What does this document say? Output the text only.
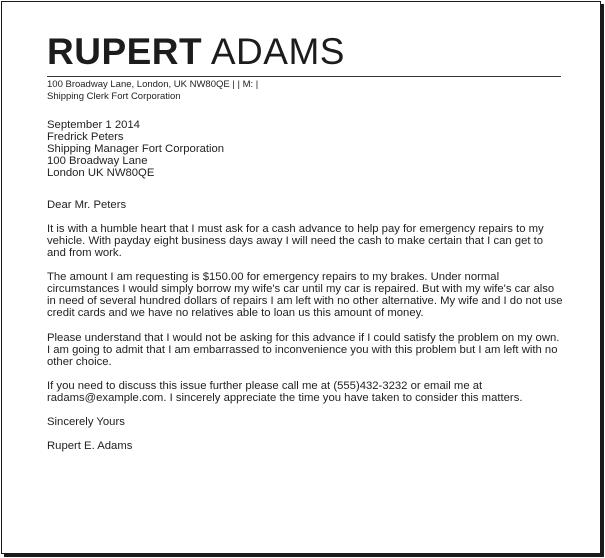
RUPERT ADAMS
100 Broadway Lane, London, UK NW80QE | | M: |
Shipping Clerk Fort Corporation
September 1 2014
Fredrick Peters
Shipping Manager Fort Corporation
100 Broadway Lane
London UK NW80QE
Dear Mr. Peters

It is with a humble heart that I must ask for a cash advance to help pay for emergency repairs to my vehicle. With payday eight business days away I will need the cash to make certain that I can get to and from work.

The amount I am requesting is $150.00 for emergency repairs to my brakes. Under normal circumstances I would simply borrow my wife's car until my car is repaired. But with my wife's car also in need of several hundred dollars of repairs I am left with no other alternative. My wife and I do not use credit cards and we have no relatives able to loan us this amount of money.

Please understand that I would not be asking for this advance if I could satisfy the problem on my own. I am going to admit that I am embarrassed to inconvenience you with this problem but I am left with no other choice.

If you need to discuss this issue further please call me at (555)432-3232 or email me at radams@example.com. I sincerely appreciate the time you have taken to consider this matters.

Sincerely Yours
Rupert E. Adams
